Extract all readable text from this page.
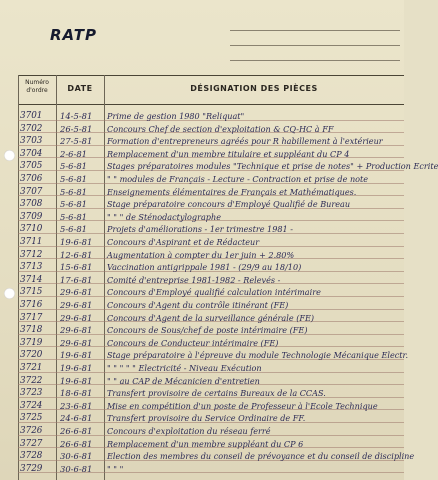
RATP
Numéro d'ordre	DATE	DÉSIGNATION DES PIÈCES
3701	14-5-81	Prime de gestion 1980 "Reliquat"
3702	26-5-81	Concours Chef de section d'exploitation & CQ-HC à FF
3703	27-5-81	Formation d'entrepreneurs agréés pour R habillement à l'extérieur
3704	2-6-81	Remplacement d'un membre titulaire et suppléant du CP 4
3705	5-6-81	Stages préparatoires modules "Technique et prise de notes" + Production Ecrite
3706	5-6-81	" " modules de Français - Lecture - Contraction et prise de note
3707	5-6-81	Enseignements élémentaires de Français et Mathématiques.
3708	5-6-81	Stage préparatoire concours d'Employé Qualifié de Bureau
3709	5-6-81	" " " de Sténodactylographe
3710	5-6-81	Projets d'améliorations - 1er trimestre 1981 -
3711	19-6-81	Concours d'Aspirant et de Rédacteur
3712	12-6-81	Augmentation à compter du 1er juin + 2.80%
3713	15-6-81	Vaccination antigrippale 1981 - (29/9 au 18/10)
3714	17-6-81	Comité d'entreprise 1981-1982 - Relevés -
3715	29-6-81	Concours d'Employé qualifié calculation intérimaire
3716	29-6-81	Concours d'Agent du contrôle itinérant (FE)
3717	29-6-81	Concours d'Agent de la surveillance générale (FE)
3718	29-6-81	Concours de Sous/chef de poste intérimaire (FE)
3719	29-6-81	Concours de Conducteur intérimaire (FE)
3720	19-6-81	Stage préparatoire à l'épreuve du module Technologie Mécanique Electr.
3721	19-6-81	" " " " " Electricité - Niveau Exécution
3722	19-6-81	" " au CAP de Mécanicien d'entretien
3723	18-6-81	Transfert provisoire de certains Bureaux de la CCAS.
3724	23-6-81	Mise en compétition d'un poste de Professeur à l'Ecole Technique
3725	24-6-81	Transfert provisoire du Service Ordinaire de FF.
3726	26-6-81	Concours d'exploitation du réseau ferré
3727	26-6-81	Remplacement d'un membre suppléant du CP 6
3728	30-6-81	Election des membres du conseil de prévoyance et du conseil de discipline
3729	30-6-81	" " "
